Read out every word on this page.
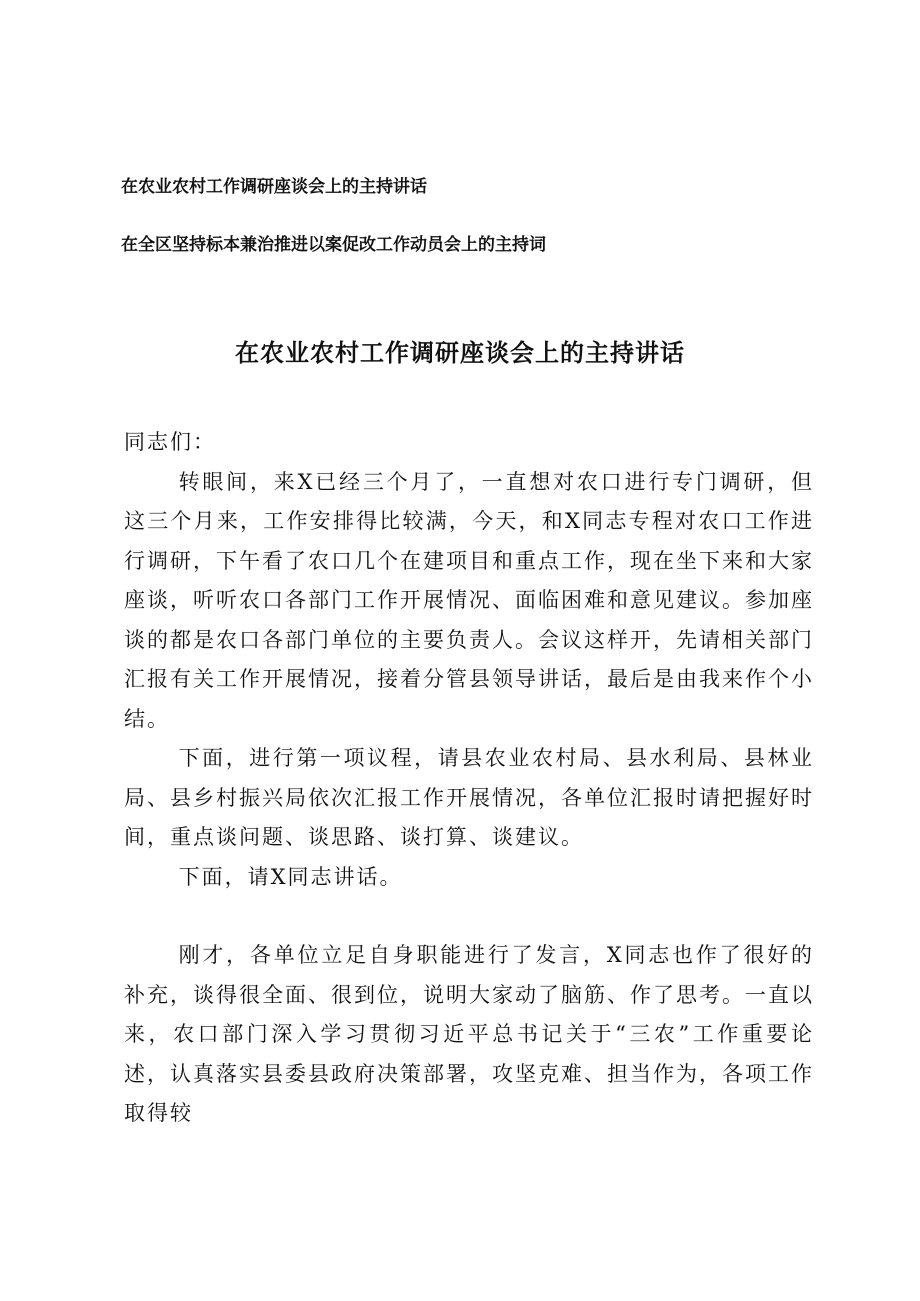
在农业农村工作调研座谈会上的主持讲话
在全区坚持标本兼治推进以案促改工作动员会上的主持词
在农业农村工作调研座谈会上的主持讲话

同志们：

转眼间，来X已经三个月了，一直想对农口进行专门调研，但这三个月来，工作安排得比较满，今天，和X同志专程对农口工作进行调研，下午看了农口几个在建项目和重点工作，现在坐下来和大家座谈，听听农口各部门工作开展情况、面临困难和意见建议。参加座谈的都是农口各部门单位的主要负责人。会议这样开，先请相关部门汇报有关工作开展情况，接着分管县领导讲话，最后是由我来作个小结。

下面，进行第一项议程，请县农业农村局、县水利局、县林业局、县乡村振兴局依次汇报工作开展情况，各单位汇报时请把握好时间，重点谈问题、谈思路、谈打算、谈建议。

下面，请X同志讲话。

刚才，各单位立足自身职能进行了发言，X同志也作了很好的补充，谈得很全面、很到位，说明大家动了脑筋、作了思考。一直以来，农口部门深入学习贯彻习近平总书记关于“三农”工作重要论述，认真落实县委县政府决策部署，攻坚克难、担当作为，各项工作取得较
